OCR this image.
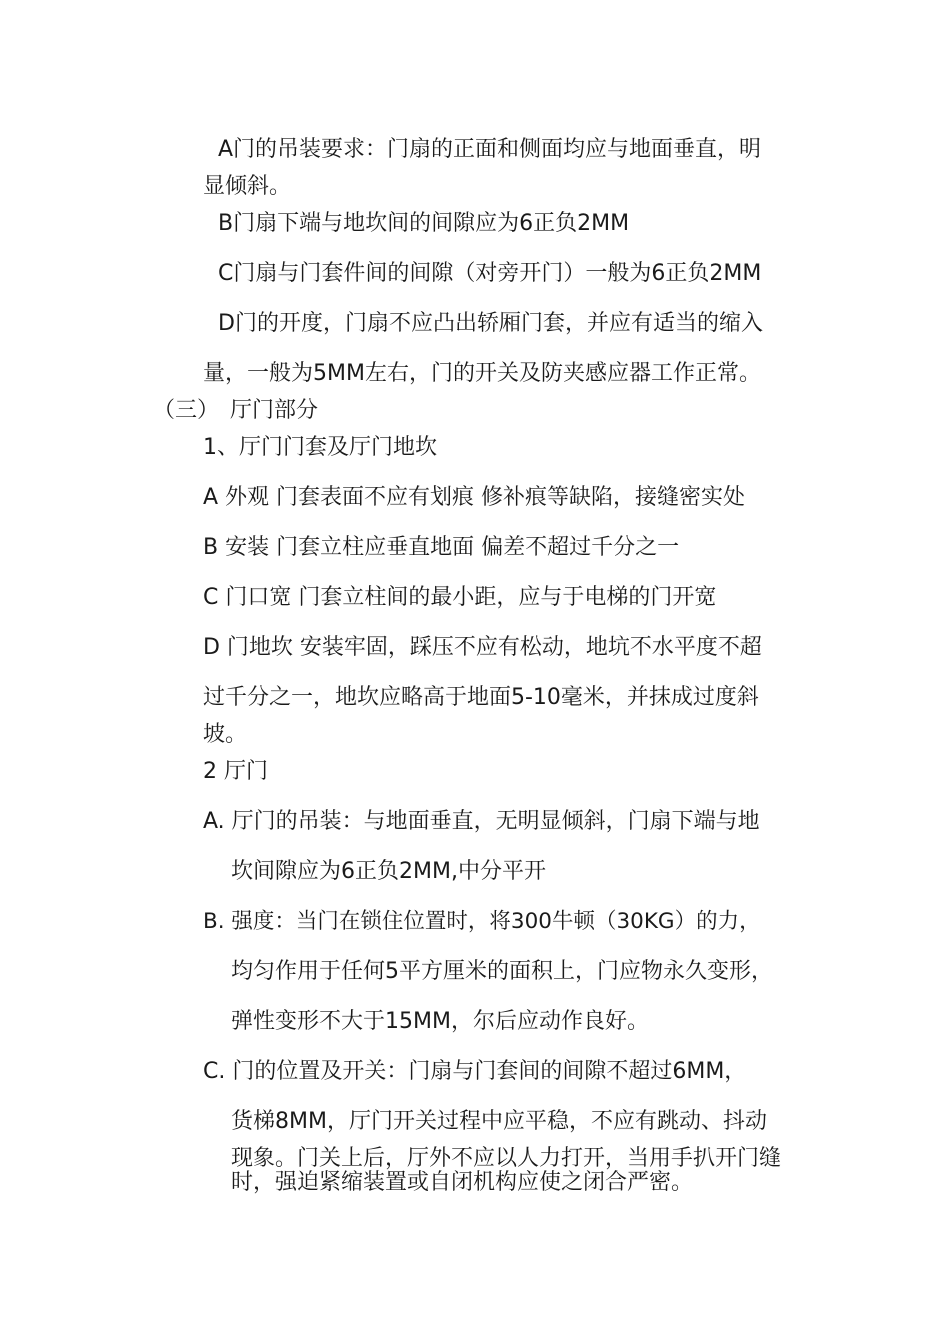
A门的吊装要求：门扇的正面和侧面均应与地面垂直，明

显倾斜。

B门扇下端与地坎间的间隙应为6正负2MM

C门扇与门套件间的间隙（对旁开门）一般为6正负2MM

D门的开度，门扇不应凸出轿厢门套，并应有适当的缩入

量，一般为5MM左右，门的开关及防夹感应器工作正常。

（三）　厅门部分

1、厅门门套及厅门地坎

A 外观 门套表面不应有划痕 修补痕等缺陷，接缝密实处

B 安装 门套立柱应垂直地面 偏差不超过千分之一

C 门口宽 门套立柱间的最小距，应与于电梯的门开宽

D 门地坎 安装牢固，踩压不应有松动，地坑不水平度不超

过千分之一，地坎应略高于地面5-10毫米，并抹成过度斜

坡。

2 厅门

A. 厅门的吊装：与地面垂直，无明显倾斜，门扇下端与地

坎间隙应为6正负2MM,中分平开

B. 强度：当门在锁住位置时，将300牛顿（30KG）的力，

均匀作用于任何5平方厘米的面积上，门应物永久变形，

弹性变形不大于15MM，尔后应动作良好。

C. 门的位置及开关：门扇与门套间的间隙不超过6MM，

货梯8MM，厅门开关过程中应平稳，不应有跳动、抖动

现象。门关上后，厅外不应以人力打开，当用手扒开门缝

时，强迫紧缩装置或自闭机构应使之闭合严密。
